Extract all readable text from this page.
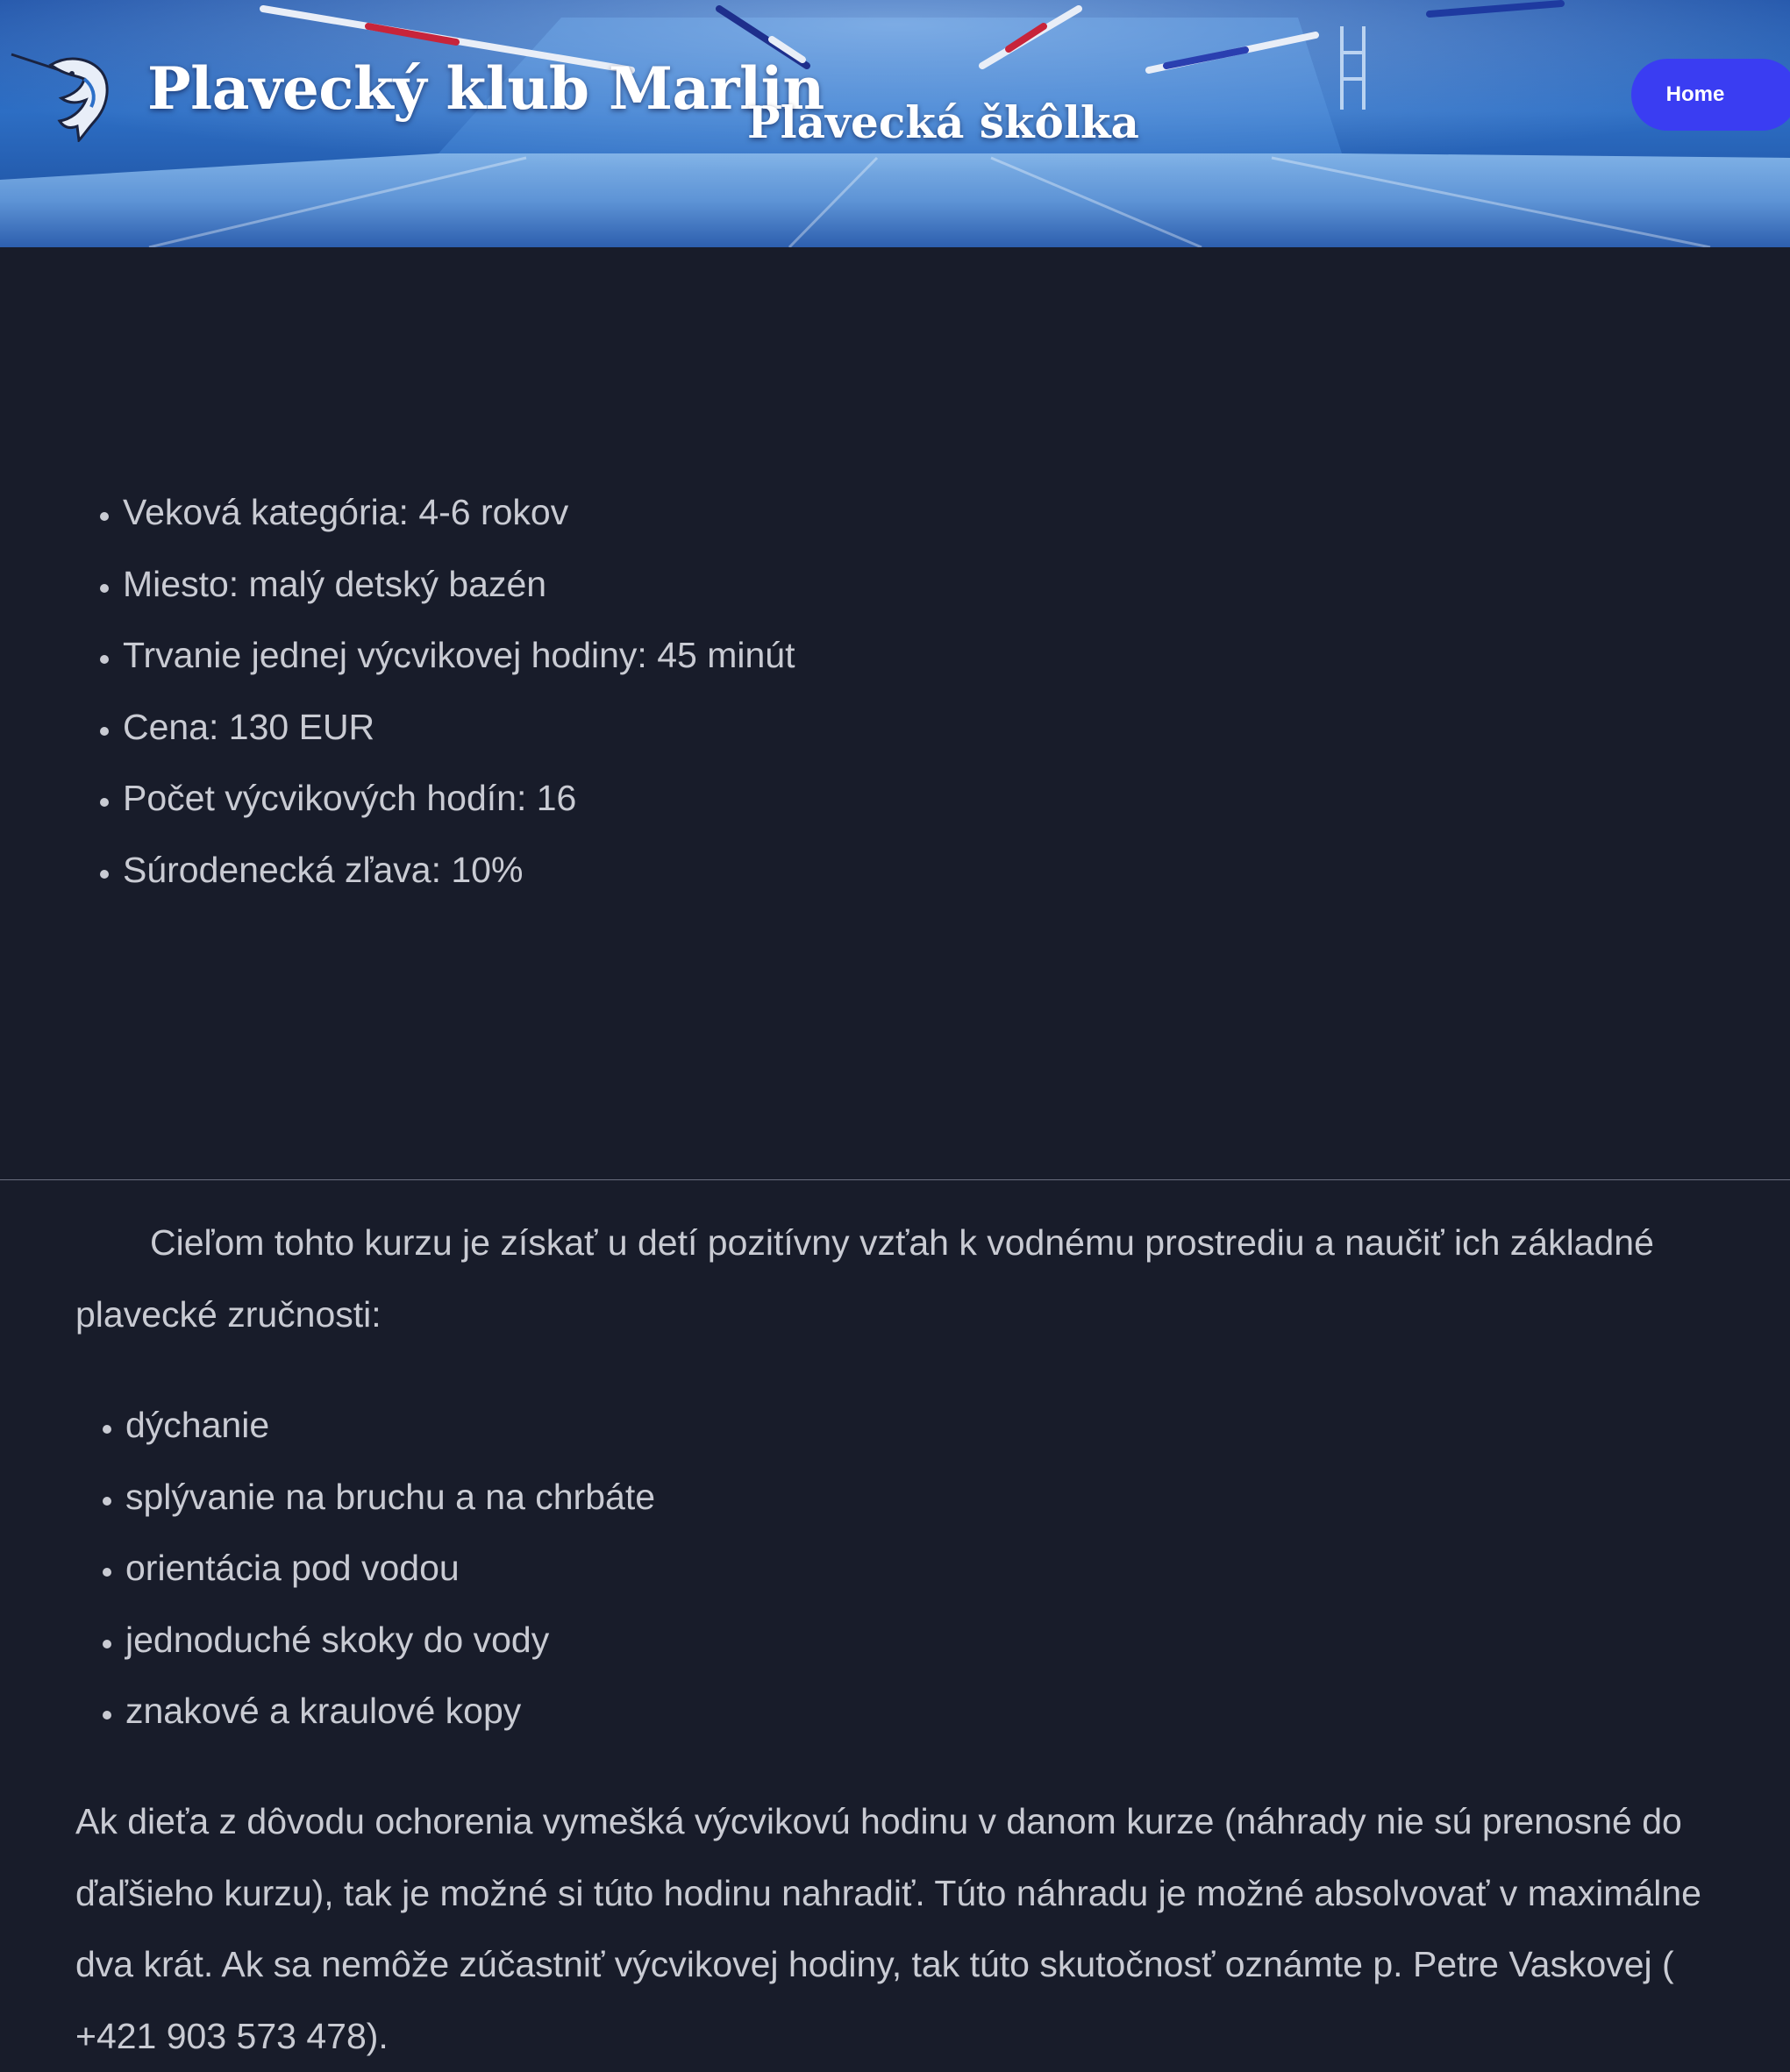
Plavecký klub Marlin
Plavecká škôlka
Home
• Veková kategória: 4-6 rokov
• Miesto: malý detský bazén
• Trvanie jednej výcvikovej hodiny: 45 minút
• Cena: 130 EUR
• Počet výcvikových hodín: 16
• Súrodenecká zľava: 10%

Cieľom tohto kurzu je získať u detí pozitívny vzťah k vodnému prostrediu a naučiť ich základné plavecké zručnosti:

• dýchanie
• splývanie na bruchu a na chrbáte
• orientácia pod vodou
• jednoduché skoky do vody
• znakové a kraulové kopy

Ak dieťa z dôvodu ochorenia vymešká výcvikovú hodinu v danom kurze (náhrady nie sú prenosné do ďaľšieho kurzu), tak je možné si túto hodinu nahradiť. Túto náhradu je možné absolvovať v maximálne dva krát. Ak sa nemôže zúčastniť výcvikovej hodiny, tak túto skutočnosť oznámte p. Petre Vaskovej ( +421 903 573 478).
